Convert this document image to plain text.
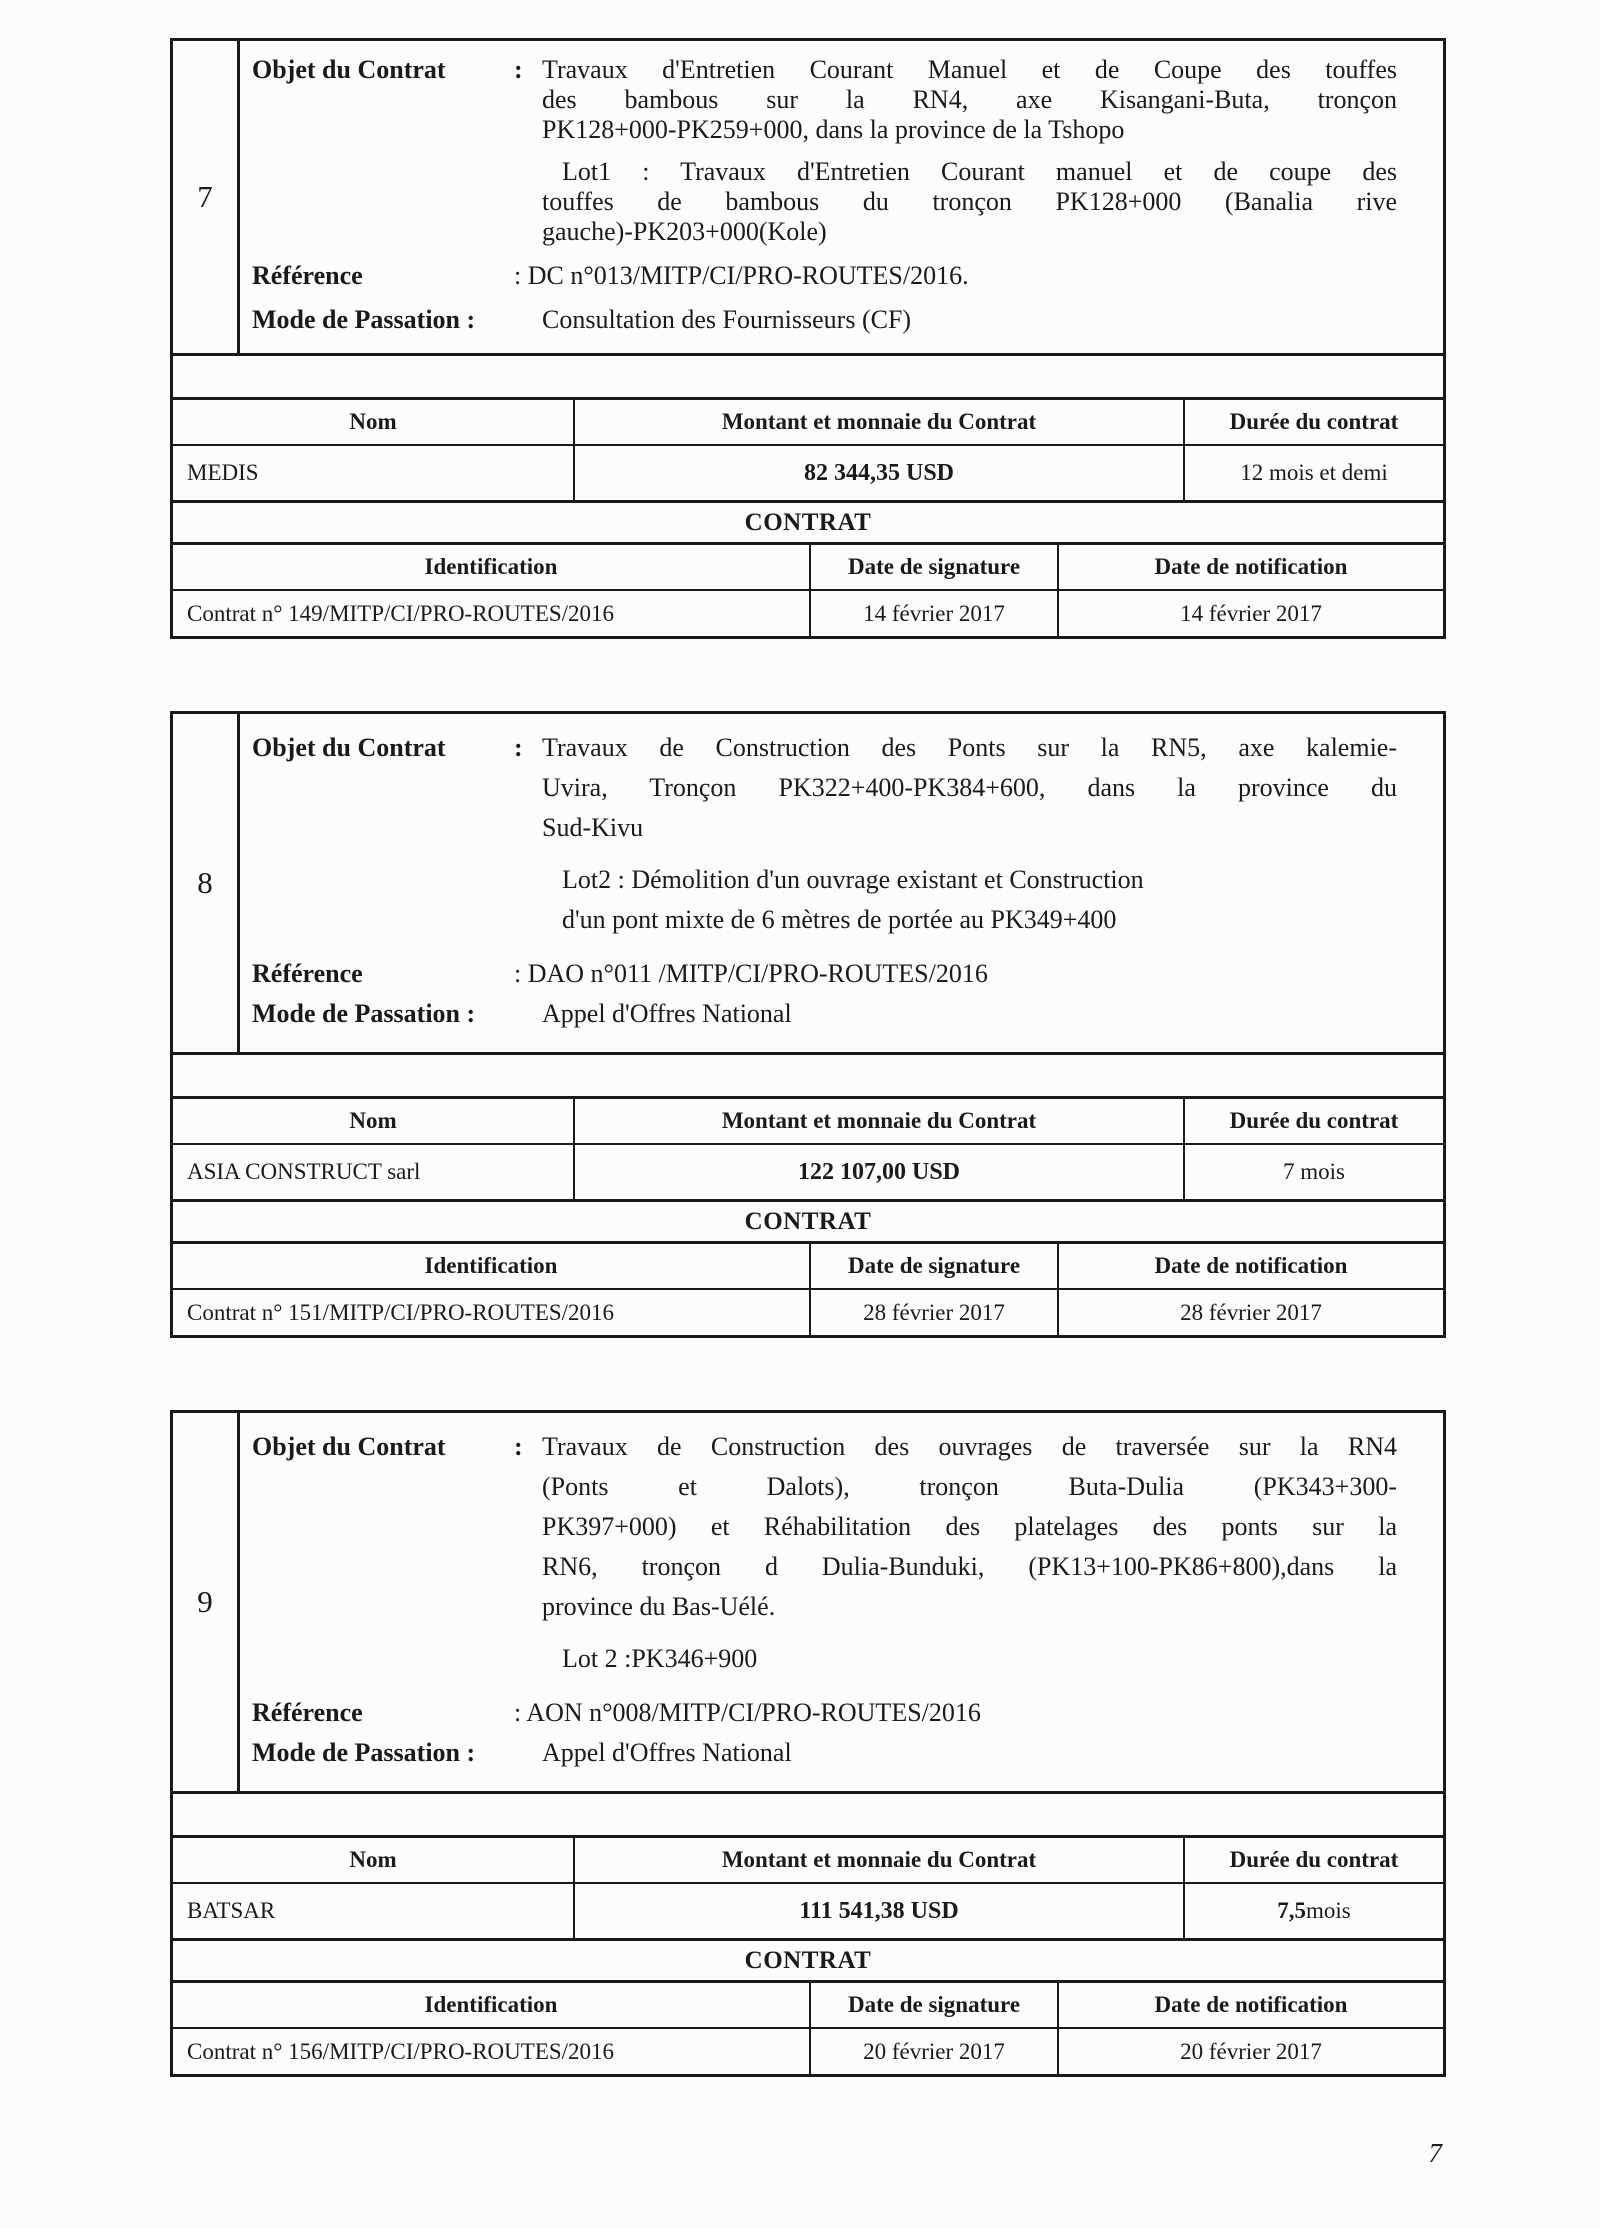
7
Objet du Contrat	: Travaux d'Entretien Courant Manuel et de Coupe des touffes
des bambous sur la RN4, axe Kisangani-Buta, tronçon
PK128+000-PK259+000, dans la province de la Tshopo
Lot1 : Travaux d'Entretien Courant manuel et de coupe des
touffes de bambous du tronçon PK128+000 (Banalia rive
gauche)-PK203+000(Kole)
Référence	: DC n°013/MITP/CI/PRO-ROUTES/2016.
Mode de Passation :	Consultation des Fournisseurs (CF)
Nom	Montant et monnaie du Contrat	Durée du contrat
MEDIS	82 344,35 USD	12 mois et demi
CONTRAT
Identification	Date de signature	Date de notification
Contrat n° 149/MITP/CI/PRO-ROUTES/2016	14 février 2017	14 février 2017
8
Objet du Contrat	: Travaux de Construction des Ponts sur la RN5, axe kalemie-
Uvira, Tronçon PK322+400-PK384+600, dans la province du
Sud-Kivu
Lot2 : Démolition d'un ouvrage existant et Construction
d'un pont mixte de 6 mètres de portée au PK349+400
Référence	: DAO n°011 /MITP/CI/PRO-ROUTES/2016
Mode de Passation :	Appel d'Offres National
Nom	Montant et monnaie du Contrat	Durée du contrat
ASIA CONSTRUCT sarl	122 107,00 USD	7 mois
CONTRAT
Identification	Date de signature	Date de notification
Contrat n° 151/MITP/CI/PRO-ROUTES/2016	28 février 2017	28 février 2017
9
Objet du Contrat	: Travaux de Construction des ouvrages de traversée sur la RN4
(Ponts et Dalots), tronçon Buta-Dulia (PK343+300-
PK397+000) et Réhabilitation des platelages des ponts sur la
RN6, tronçon d Dulia-Bunduki, (PK13+100-PK86+800),dans la
province du Bas-Uélé.
Lot 2 :PK346+900
Référence	: AON n°008/MITP/CI/PRO-ROUTES/2016
Mode de Passation :	Appel d'Offres National
Nom	Montant et monnaie du Contrat	Durée du contrat
BATSAR	111 541,38 USD	7,5 mois
CONTRAT
Identification	Date de signature	Date de notification
Contrat n° 156/MITP/CI/PRO-ROUTES/2016	20 février 2017	20 février 2017
7
